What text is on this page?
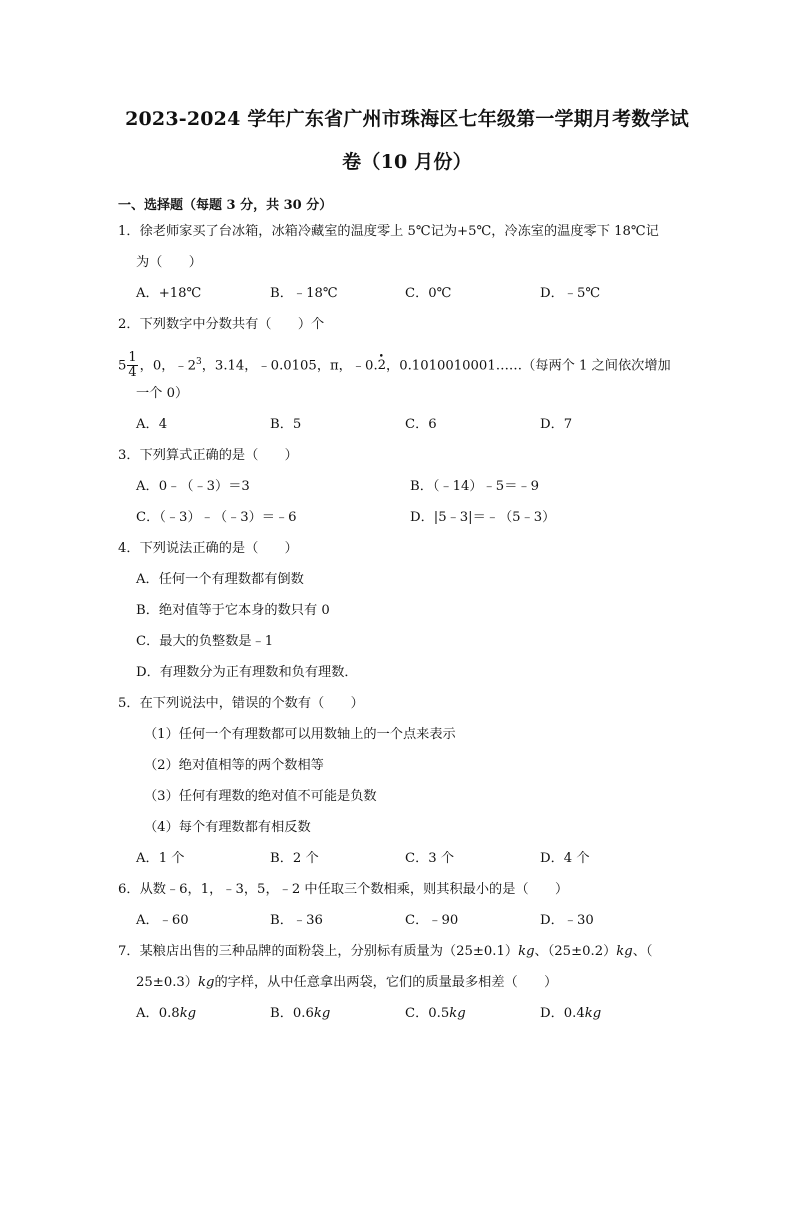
2023-2024 学年广东省广州市珠海区七年级第一学期月考数学试
卷（10 月份）
一、选择题（每题 3 分，共 30 分）
1．徐老师家买了台冰箱，冰箱冷藏室的温度零上 5℃记为+5℃，冷冻室的温度零下 18℃记
为（　　）
A．+18℃	B．﹣18℃	C．0℃	D．﹣5℃
2．下列数字中分数共有（　　）个
$5 \frac{1}{4}$ ，0，$﹣2^3$，3.14，﹣0.0105，π，﹣0.• 2，0.1010010001……（每两个 1 之间依次增加
一个 0）
A．4	B．5	C．6	D．7
3．下列算式正确的是（　　）
A．0﹣（﹣3）＝3	B．（﹣14）﹣5＝﹣9
C．（﹣3）﹣（﹣3）＝﹣6	D．|5﹣3|＝﹣（5﹣3）
4．下列说法正确的是（　　）
A．任何一个有理数都有倒数
B．绝对值等于它本身的数只有 0
C．最大的负整数是﹣1
D．有理数分为正有理数和负有理数．
5．在下列说法中，错误的个数有（　　）
（1）任何一个有理数都可以用数轴上的一个点来表示
（2）绝对值相等的两个数相等
（3）任何有理数的绝对值不可能是负数
（4）每个有理数都有相反数
A．1 个	B．2 个	C．3 个	D．4 个
6．从数﹣6，1，﹣3，5，﹣2 中任取三个数相乘，则其积最小的是（　　）
A．﹣60	B．﹣36	C．﹣90	D．﹣30
7．某粮店出售的三种品牌的面粉袋上，分别标有质量为（25±0.1）kg、（25±0.2）kg、（
25±0.3）kg的字样，从中任意拿出两袋，它们的质量最多相差（　　）
A．0.8kg	B．0.6kg	C．0.5kg	D．0.4kg
